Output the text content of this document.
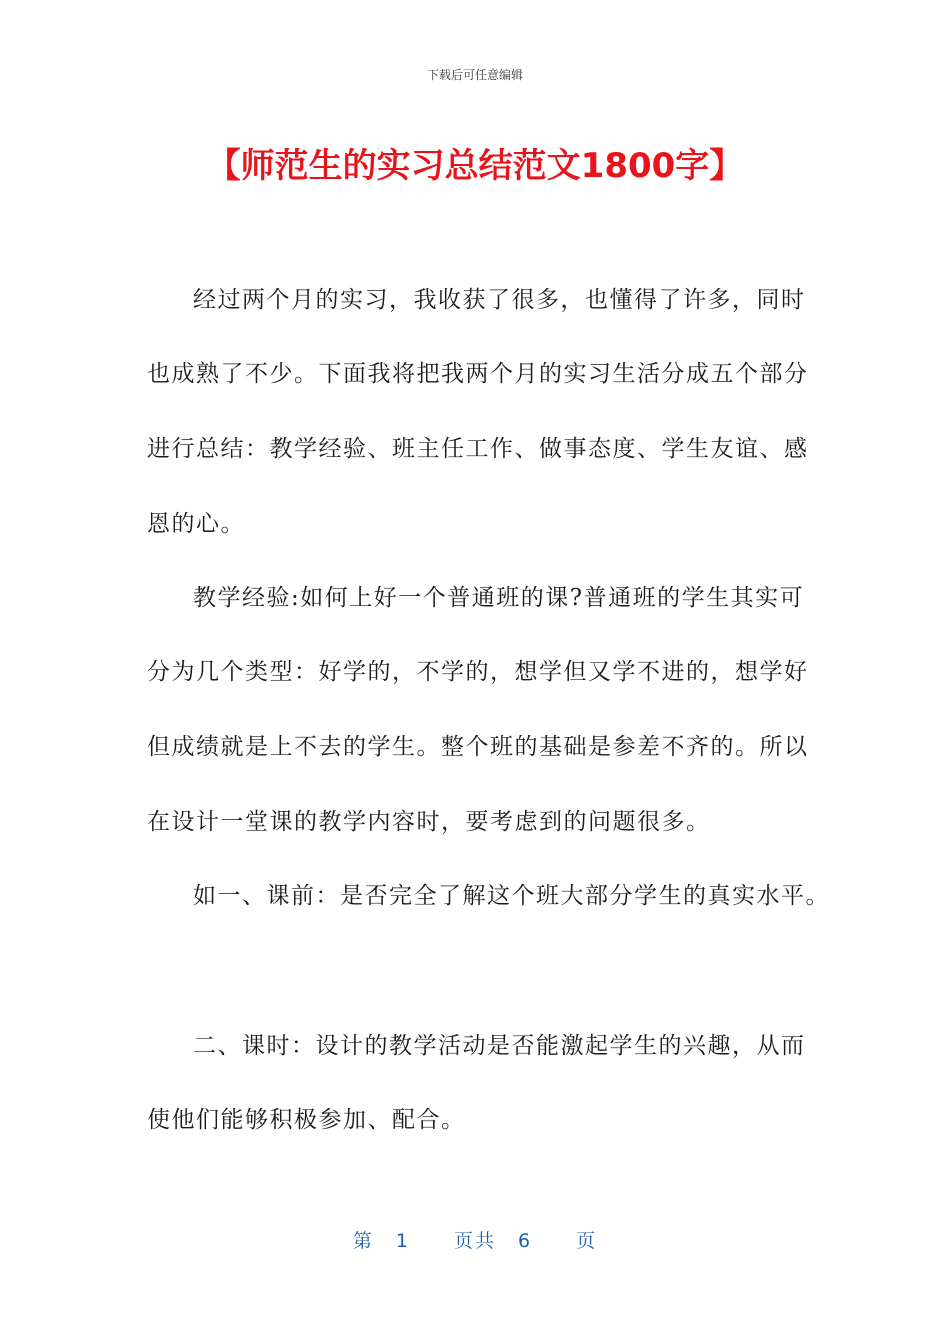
下载后可任意编辑
【师范生的实习总结范文1800字】
经过两个月的实习，我收获了很多，也懂得了许多，同时
也成熟了不少。下面我将把我两个月的实习生活分成五个部分
进行总结：教学经验、班主任工作、做事态度、学生友谊、感
恩的心。
教学经验:如何上好一个普通班的课?普通班的学生其实可
分为几个类型：好学的，不学的，想学但又学不进的，想学好
但成绩就是上不去的学生。整个班的基础是参差不齐的。所以
在设计一堂课的教学内容时，要考虑到的问题很多。
如一、课前：是否完全了解这个班大部分学生的真实水平。
二、课时：设计的教学活动是否能激起学生的兴趣，从而
使他们能够积极参加、配合。
第 1 页共 6 页
